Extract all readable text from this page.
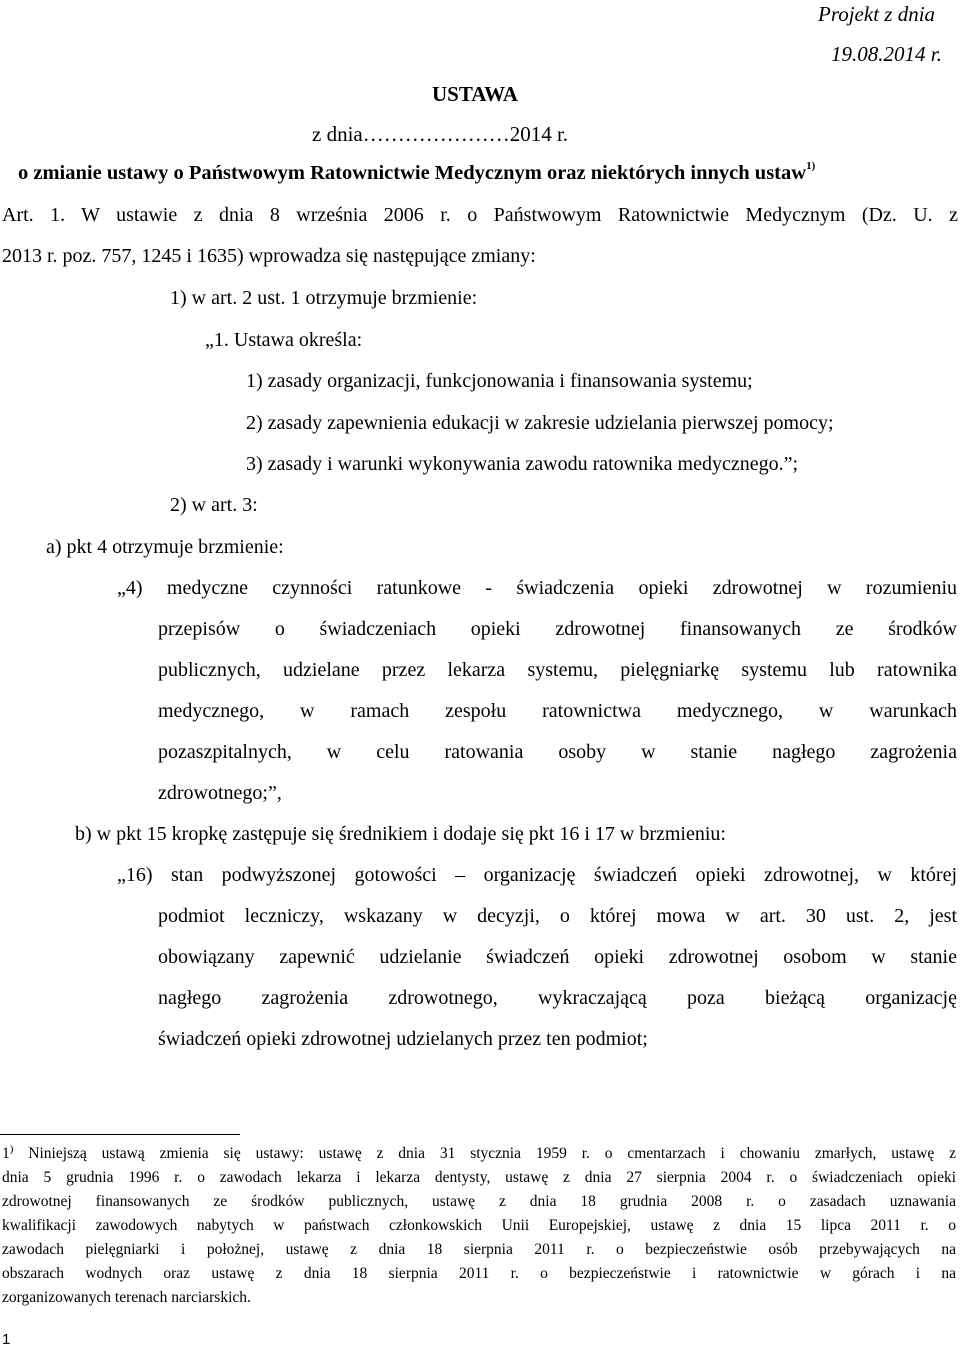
Projekt z dnia
19.08.2014 r.
USTAWA
z dnia…………………2014 r.
o zmianie ustawy o Państwowym Ratownictwie Medycznym oraz niektórych innych ustaw$^{1)}$
Art. 1. W ustawie z dnia 8 września 2006 r. o Państwowym Ratownictwie Medycznym (Dz. U. z
2013 r. poz. 757, 1245 i 1635) wprowadza się następujące zmiany:
1) w art. 2 ust. 1 otrzymuje brzmienie:
„1. Ustawa określa:
1) zasady organizacji, funkcjonowania i finansowania systemu;
2) zasady zapewnienia edukacji w zakresie udzielania pierwszej pomocy;
3) zasady i warunki wykonywania zawodu ratownika medycznego.”;
2) w art. 3:
a) pkt 4 otrzymuje brzmienie:
„4) medyczne czynności ratunkowe - świadczenia opieki zdrowotnej w rozumieniu
przepisów o świadczeniach opieki zdrowotnej finansowanych ze środków
publicznych, udzielane przez lekarza systemu, pielęgniarkę systemu lub ratownika
medycznego, w ramach zespołu ratownictwa medycznego, w warunkach
pozaszpitalnych, w celu ratowania osoby w stanie nagłego zagrożenia
zdrowotnego;”,
b) w pkt 15 kropkę zastępuje się średnikiem i dodaje się pkt 16 i 17 w brzmieniu:
„16) stan podwyższonej gotowości – organizację świadczeń opieki zdrowotnej, w której
podmiot leczniczy, wskazany w decyzji, o której mowa w art. 30 ust. 2, jest
obowiązany zapewnić udzielanie świadczeń opieki zdrowotnej osobom w stanie
nagłego zagrożenia zdrowotnego, wykraczającą poza bieżącą organizację
świadczeń opieki zdrowotnej udzielanych przez ten podmiot;
1) Niniejszą ustawą zmienia się ustawy: ustawę z dnia 31 stycznia 1959 r. o cmentarzach i chowaniu zmarłych, ustawę z
dnia 5 grudnia 1996 r. o zawodach lekarza i lekarza dentysty, ustawę z dnia 27 sierpnia 2004 r. o świadczeniach opieki
zdrowotnej finansowanych ze środków publicznych, ustawę z dnia 18 grudnia 2008 r. o zasadach uznawania
kwalifikacji zawodowych nabytych w państwach członkowskich Unii Europejskiej, ustawę z dnia 15 lipca 2011 r. o
zawodach pielęgniarki i położnej, ustawę z dnia 18 sierpnia 2011 r. o bezpieczeństwie osób przebywających na
obszarach wodnych oraz ustawę z dnia 18 sierpnia 2011 r. o bezpieczeństwie i ratownictwie w górach i na
zorganizowanych terenach narciarskich.
1
